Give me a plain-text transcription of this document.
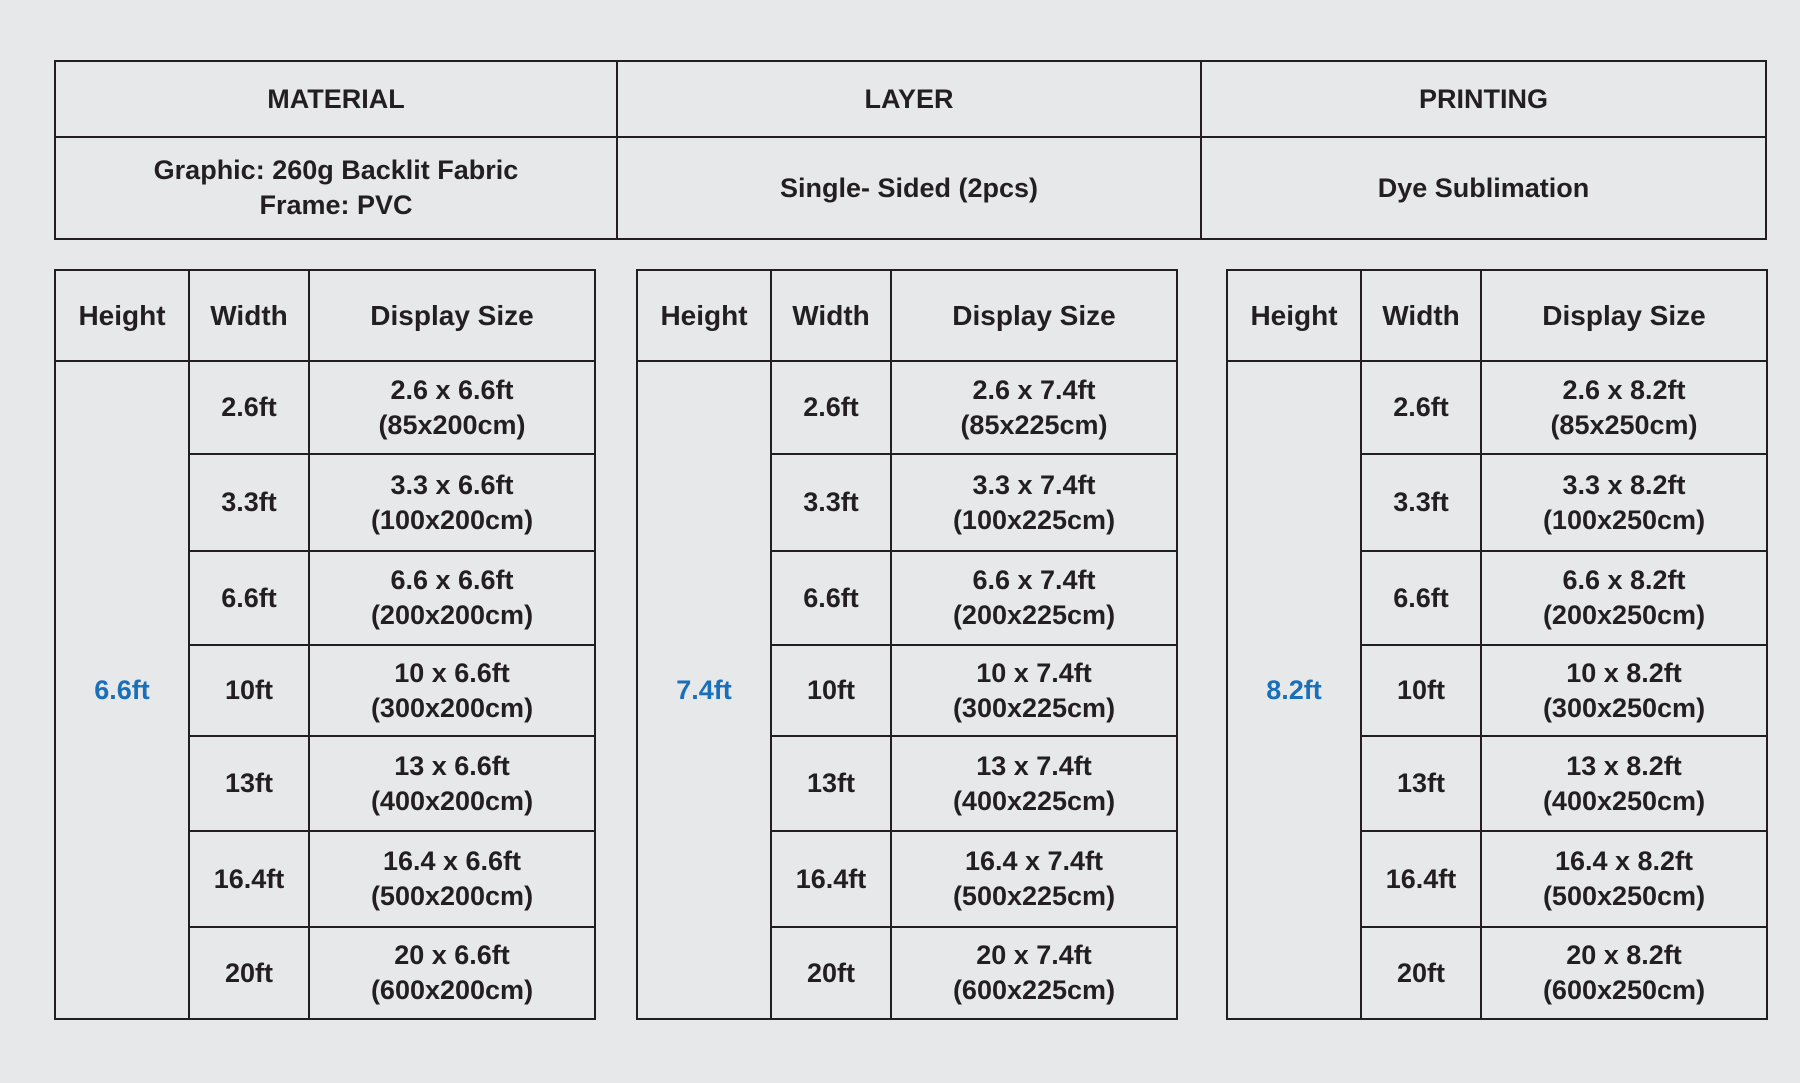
MATERIAL	LAYER	PRINTING

Graphic: 260g Backlit Fabric
Frame: PVC	Single- Sided (2pcs)	Dye Sublimation
Height	Width	Display Size
6.6ft	2.6ft	2.6 x 6.6ft
(85x200cm)

	3.3ft	3.3 x 6.6ft
(100x200cm)

	6.6ft	6.6 x 6.6ft
(200x200cm)

	10ft	10 x 6.6ft
(300x200cm)

	13ft	13 x 6.6ft
(400x200cm)

	16.4ft	16.4 x 6.6ft
(500x200cm)

	20ft	20 x 6.6ft
(600x200cm)
Height	Width	Display Size
7.4ft	2.6ft	2.6 x 7.4ft
(85x225cm)

	3.3ft	3.3 x 7.4ft
(100x225cm)

	6.6ft	6.6 x 7.4ft
(200x225cm)

	10ft	10 x 7.4ft
(300x225cm)

	13ft	13 x 7.4ft
(400x225cm)

	16.4ft	16.4 x 7.4ft
(500x225cm)

	20ft	20 x 7.4ft
(600x225cm)
Height	Width	Display Size
8.2ft	2.6ft	2.6 x 8.2ft
(85x250cm)

	3.3ft	3.3 x 8.2ft
(100x250cm)

	6.6ft	6.6 x 8.2ft
(200x250cm)

	10ft	10 x 8.2ft
(300x250cm)

	13ft	13 x 8.2ft
(400x250cm)

	16.4ft	16.4 x 8.2ft
(500x250cm)

	20ft	20 x 8.2ft
(600x250cm)
